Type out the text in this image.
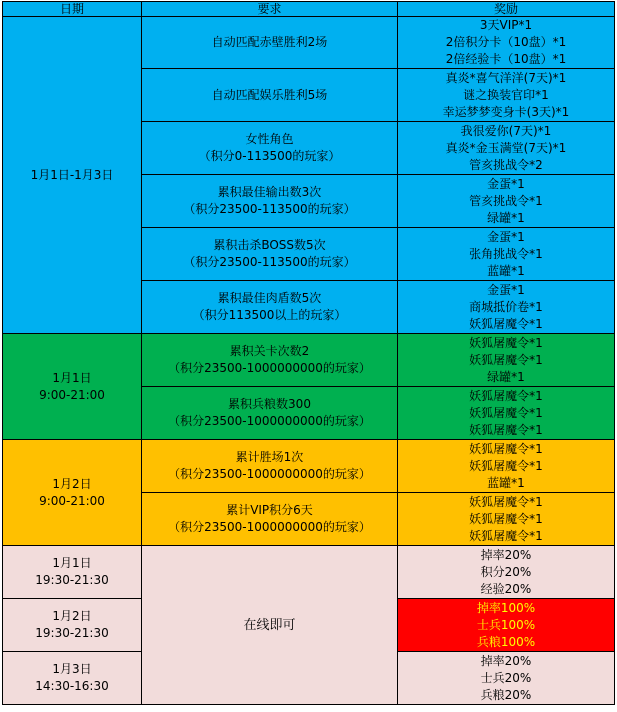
日期	要求	奖励

1月1日-1月3日	自动匹配赤壁胜利2场	3天VIP*1
2倍积分卡（10盘）*1
2倍经验卡（10盘）*1

	自动匹配娱乐胜利5场	真炎*喜气洋洋(7天)*1
谜之换装官印*1
幸运梦梦变身卡(3天)*1

	女性角色
（积分0-113500的玩家）	我很爱你(7天)*1
真炎*金玉满堂(7天)*1
管亥挑战令*2

	累积最佳输出数3次
（积分23500-113500的玩家）	金蛋*1
管亥挑战令*1
绿罐*1

	累积击杀BOSS数5次
（积分23500-113500的玩家）	金蛋*1
张角挑战令*1
蓝罐*1

	累积最佳肉盾数5次
（积分113500以上的玩家）	金蛋*1
商城抵价卷*1
妖狐屠魔令*1

1月1日
9:00-21:00	累积关卡次数2
（积分23500-1000000000的玩家）	妖狐屠魔令*1
妖狐屠魔令*1
绿罐*1

	累积兵粮数300
（积分23500-1000000000的玩家）	妖狐屠魔令*1
妖狐屠魔令*1
妖狐屠魔令*1

1月2日
9:00-21:00	累计胜场1次
（积分23500-1000000000的玩家）	妖狐屠魔令*1
妖狐屠魔令*1
蓝罐*1

	累计VIP积分6天
（积分23500-1000000000的玩家）	妖狐屠魔令*1
妖狐屠魔令*1
妖狐屠魔令*1

1月1日
19:30-21:30	在线即可	掉率20%
积分20%
经验20%

1月2日
19:30-21:30		掉率100%
士兵100%
兵粮100%

1月3日
14:30-16:30		掉率20%
士兵20%
兵粮20%
